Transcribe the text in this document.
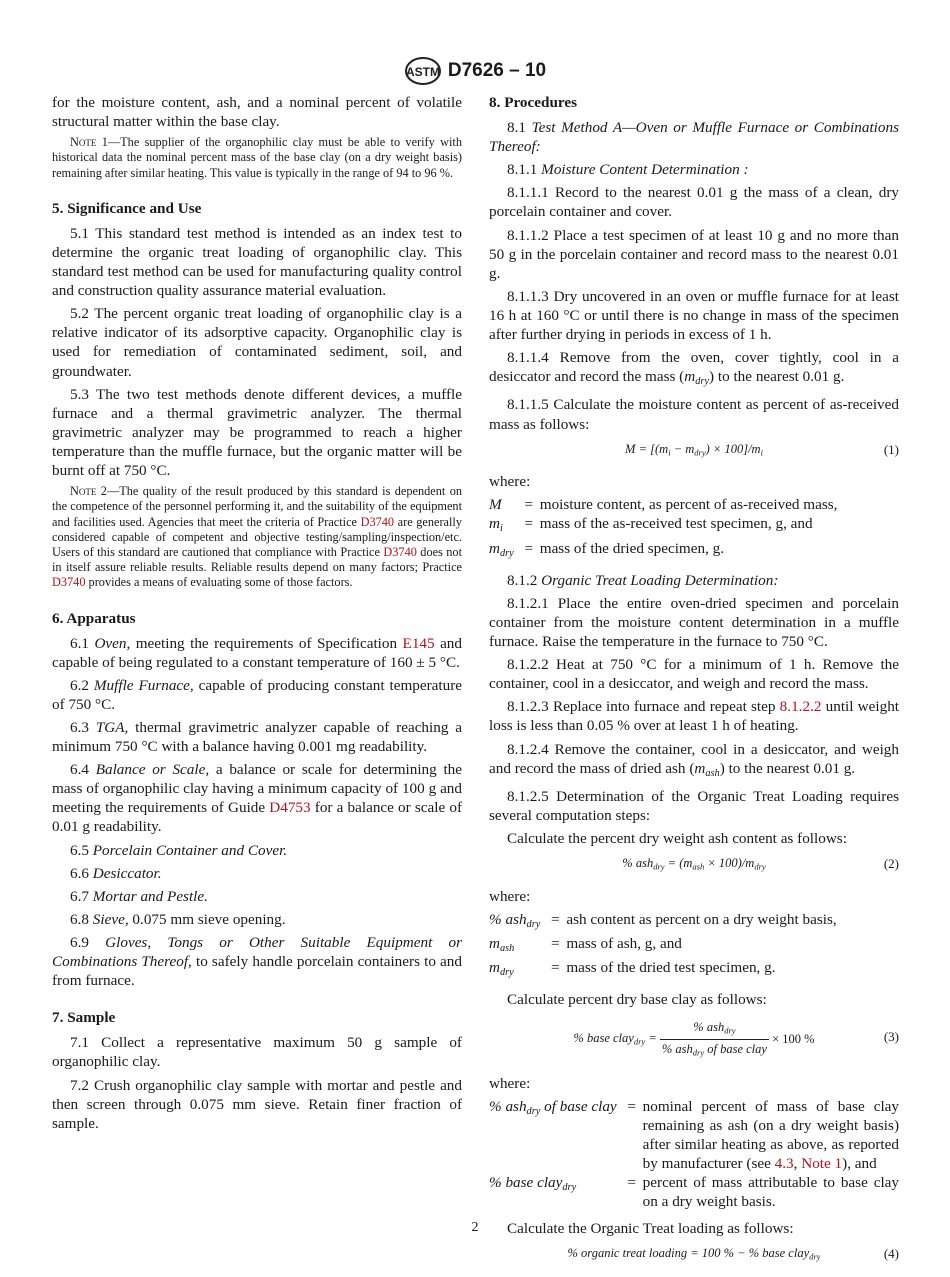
ASTM D7626 – 10
for the moisture content, ash, and a nominal percent of volatile structural matter within the base clay.
Note 1—The supplier of the organophilic clay must be able to verify with historical data the nominal percent mass of the base clay (on a dry weight basis) remaining after similar heating. This value is typically in the range of 94 to 96 %.
5. Significance and Use
5.1 This standard test method is intended as an index test to determine the organic treat loading of organophilic clay. This standard test method can be used for manufacturing quality control and construction quality assurance material evaluation.
5.2 The percent organic treat loading of organophilic clay is a relative indicator of its adsorptive capacity. Organophilic clay is used for remediation of contaminated sediment, soil, and groundwater.
5.3 The two test methods denote different devices, a muffle furnace and a thermal gravimetric analyzer. The thermal gravimetric analyzer may be programmed to reach a higher temperature than the muffle furnace, but the organic matter will be burnt off at 750 °C.
Note 2—The quality of the result produced by this standard is dependent on the competence of the personnel performing it, and the suitability of the equipment and facilities used. Agencies that meet the criteria of Practice D3740 are generally considered capable of competent and objective testing/sampling/inspection/etc. Users of this standard are cautioned that compliance with Practice D3740 does not in itself assure reliable results. Reliable results depend on many factors; Practice D3740 provides a means of evaluating some of those factors.
6. Apparatus
6.1 Oven, meeting the requirements of Specification E145 and capable of being regulated to a constant temperature of 160 ± 5 °C.
6.2 Muffle Furnace, capable of producing constant temperature of 750 °C.
6.3 TGA, thermal gravimetric analyzer capable of reaching a minimum 750 °C with a balance having 0.001 mg readability.
6.4 Balance or Scale, a balance or scale for determining the mass of organophilic clay having a minimum capacity of 100 g and meeting the requirements of Guide D4753 for a balance or scale of 0.01 g readability.
6.5 Porcelain Container and Cover.
6.6 Desiccator.
6.7 Mortar and Pestle.
6.8 Sieve, 0.075 mm sieve opening.
6.9 Gloves, Tongs or Other Suitable Equipment or Combinations Thereof, to safely handle porcelain containers to and from furnace.
7. Sample
7.1 Collect a representative maximum 50 g sample of organophilic clay.
7.2 Crush organophilic clay sample with mortar and pestle and then screen through 0.075 mm sieve. Retain finer fraction of sample.
8. Procedures
8.1 Test Method A—Oven or Muffle Furnace or Combinations Thereof:
8.1.1 Moisture Content Determination :
8.1.1.1 Record to the nearest 0.01 g the mass of a clean, dry porcelain container and cover.
8.1.1.2 Place a test specimen of at least 10 g and no more than 50 g in the porcelain container and record mass to the nearest 0.01 g.
8.1.1.3 Dry uncovered in an oven or muffle furnace for at least 16 h at 160 °C or until there is no change in mass of the specimen after further drying in periods in excess of 1 h.
8.1.1.4 Remove from the oven, cover tightly, cool in a desiccator and record the mass $(m_{dry})$ to the nearest 0.01 g.
8.1.1.5 Calculate the moisture content as percent of as-received mass as follows:
$M = [(m_i - m_{dry}) \times 100]/m_i$	(1)
where:
M	= moisture content, as percent of as-received mass,
$m_i$	= mass of the as-received test specimen, g, and
$m_{dry}$ = mass of the dried specimen, g.
8.1.2 Organic Treat Loading Determination:
8.1.2.1 Place the entire oven-dried specimen and porcelain container from the moisture content determination in a muffle furnace. Raise the temperature in the furnace to 750 °C.
8.1.2.2 Heat at 750 °C for a minimum of 1 h. Remove the container, cool in a desiccator, and weigh and record the mass.
8.1.2.3 Replace into furnace and repeat step 8.1.2.2 until weight loss is less than 0.05 % over at least 1 h of heating.
8.1.2.4 Remove the container, cool in a desiccator, and weigh and record the mass of dried ash $(m_{ash})$ to the nearest 0.01 g.
8.1.2.5 Determination of the Organic Treat Loading requires several computation steps:
Calculate the percent dry weight ash content as follows:
% $ash_{dry} = (m_{ash} \times 100)/m_{dry}$	(2)
where:
% ash$_{dry}$ = ash content as percent on a dry weight basis,
$m_{ash}$	= mass of ash, g, and
$m_{dry}$	= mass of the dried test specimen, g.
Calculate percent dry base clay as follows:
% base clay$_{dry}$ = $\frac{\% ash_{dry}}{\% ash_{dry} of base clay} \times 100$ %	(3)
where:
% ash$_{dry}$ of base clay = nominal percent of mass of base clay remaining as ash (on a dry weight basis) after similar heating as above, as reported by manufacturer (see 4.3, Note 1), and
% base clay$_{dry}$	= percent of mass attributable to base clay on a dry weight basis.
Calculate the Organic Treat loading as follows:
% organic treat loading = 100 % − % base clay$_{dry}$	(4)
2
